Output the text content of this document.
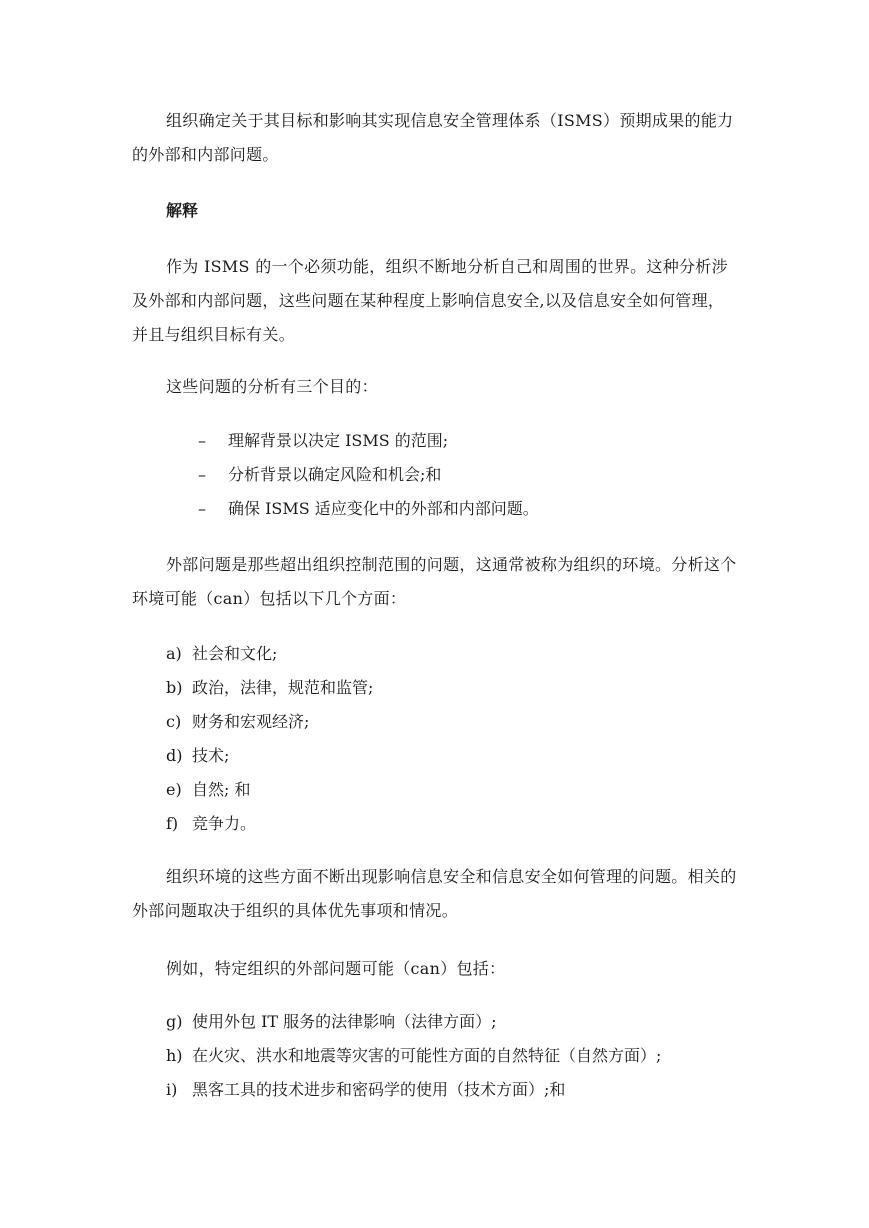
组织确定关于其目标和影响其实现信息安全管理体系（ISMS）预期成果的能力的外部和内部问题。

解释

作为 ISMS 的一个必须功能，组织不断地分析自己和周围的世界。这种分析涉及外部和内部问题，这些问题在某种程度上影响信息安全,以及信息安全如何管理，并且与组织目标有关。

这些问题的分析有三个目的：

– 理解背景以决定 ISMS 的范围;
– 分析背景以确定风险和机会;和
– 确保 ISMS 适应变化中的外部和内部问题。

外部问题是那些超出组织控制范围的问题，这通常被称为组织的环境。分析这个环境可能（can）包括以下几个方面：

a) 社会和文化;
b) 政治，法律，规范和监管;
c) 财务和宏观经济;
d) 技术;
e) 自然; 和
f) 竞争力。

组织环境的这些方面不断出现影响信息安全和信息安全如何管理的问题。相关的外部问题取决于组织的具体优先事项和情况。

例如，特定组织的外部问题可能（can）包括：

g) 使用外包 IT 服务的法律影响（法律方面）;
h) 在火灾、洪水和地震等灾害的可能性方面的自然特征（自然方面）;
i) 黑客工具的技术进步和密码学的使用（技术方面）;和
